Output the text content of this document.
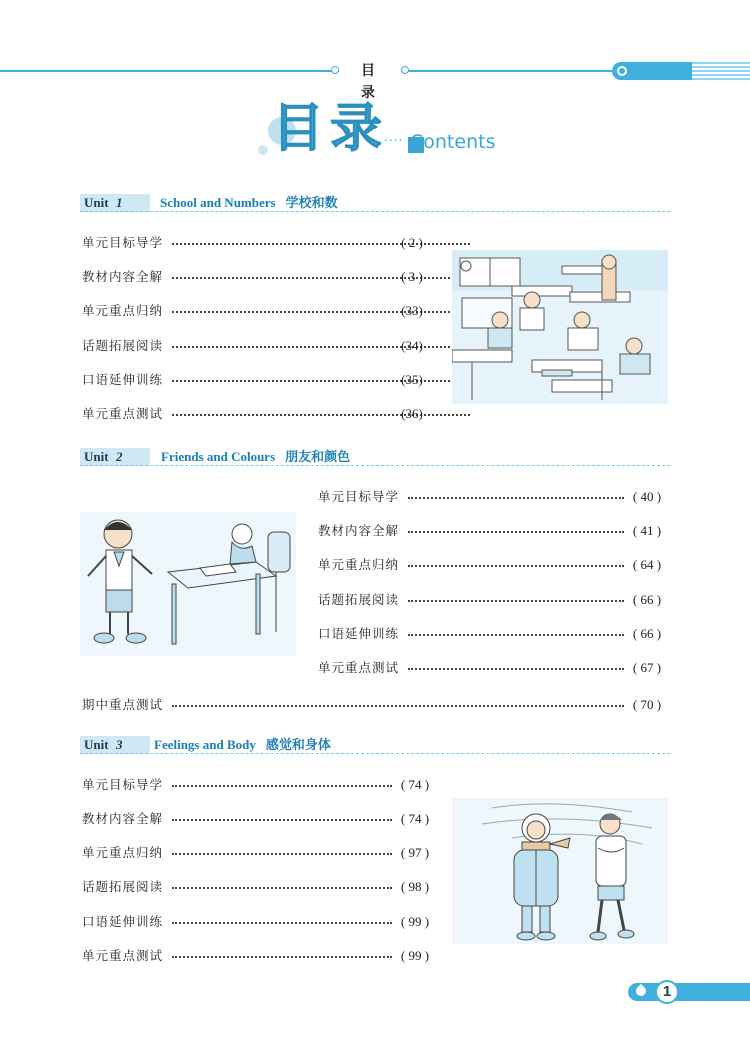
目 录
目 录 .... Contents
Unit 1	School and Numbers 学校和数
单元目标导学	( 2 )
教材内容全解	( 3 )
单元重点归纳	(33)
话题拓展阅读	(34)
口语延伸训练	(35)
单元重点测试	(36)
Unit 2	Friends and Colours 朋友和颜色
单元目标导学	( 40 )
教材内容全解	( 41 )
单元重点归纳	( 64 )
话题拓展阅读	( 66 )
口语延伸训练	( 66 )
单元重点测试	( 67 )
期中重点测试	( 70 )
Unit 3 Feelings and Body 感觉和身体
单元目标导学	( 74 )
教材内容全解	( 74 )
单元重点归纳	( 97 )
话题拓展阅读	( 98 )
口语延伸训练	( 99 )
单元重点测试	( 99 )
1
